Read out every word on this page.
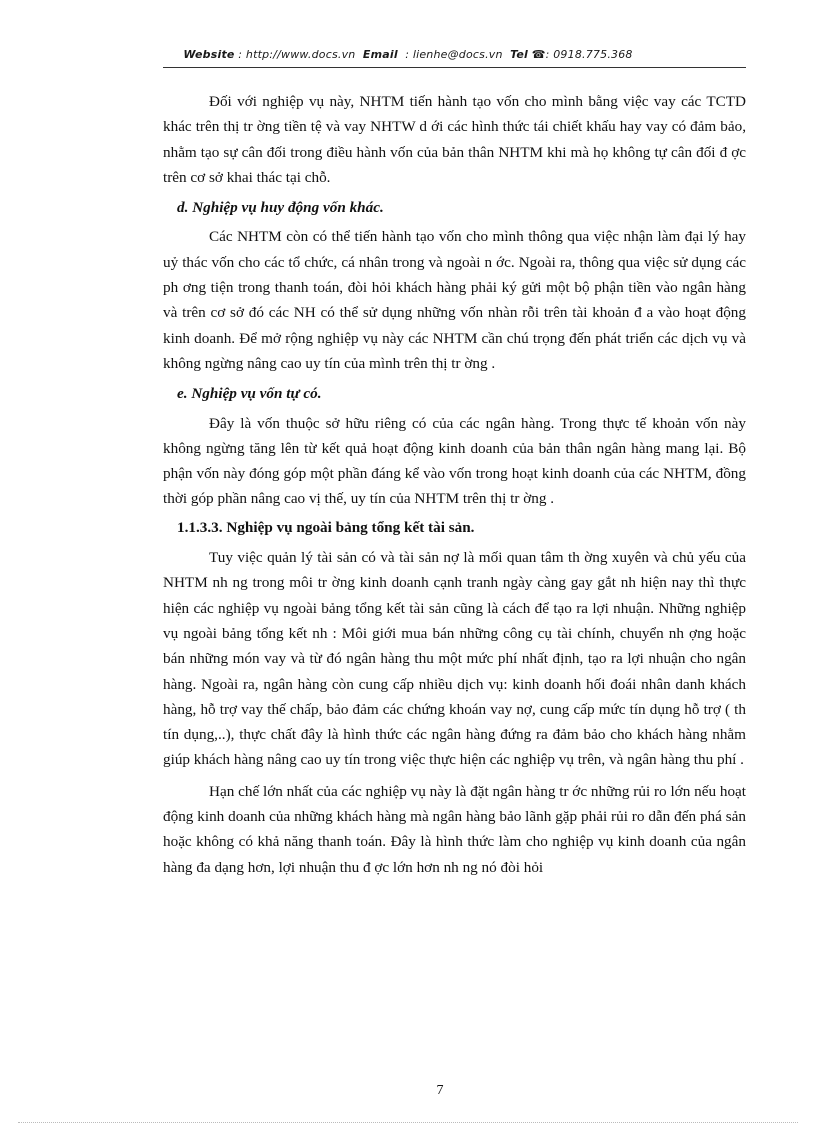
Website : http://www.docs.vn Email : lienhe@docs.vn Tel ☎: 0918.775.368

Đối với nghiệp vụ này, NHTM tiến hành tạo vốn cho mình bằng việc vay các TCTD khác trên thị tr ờng tiền tệ và vay NHTW d ới các hình thức tái chiết khấu hay vay có đảm bảo, nhằm tạo sự cân đối trong điều hành vốn của bản thân NHTM khi mà họ không tự cân đối đ ợc trên cơ sở khai thác tại chỗ.

d. Nghiệp vụ huy động vốn khác.

Các NHTM còn có thể tiến hành tạo vốn cho mình thông qua việc nhận làm đại lý hay uỷ thác vốn cho các tổ chức, cá nhân trong và ngoài n ớc. Ngoài ra, thông qua việc sử dụng các ph ơng tiện trong thanh toán, đòi hỏi khách hàng phải ký gửi một bộ phận tiền vào ngân hàng và trên cơ sở đó các NH có thể sử dụng những vốn nhàn rỗi trên tài khoản đ a vào hoạt động kinh doanh. Để mở rộng nghiệp vụ này các NHTM cần chú trọng đến phát triển các dịch vụ và không ngừng nâng cao uy tín của mình trên thị tr ờng .

e. Nghiệp vụ vốn tự có.

Đây là vốn thuộc sở hữu riêng có của các ngân hàng. Trong thực tế khoản vốn này không ngừng tăng lên từ kết quả hoạt động kinh doanh của bản thân ngân hàng mang lại. Bộ phận vốn này đóng góp một phần đáng kể vào vốn trong hoạt kinh doanh của các NHTM, đồng thời góp phần nâng cao vị thế, uy tín của NHTM trên thị tr ờng .

1.1.3.3. Nghiệp vụ ngoài bảng tổng kết tài sản.

Tuy việc quản lý tài sản có và tài sản nợ là mối quan tâm th ờng xuyên và chủ yếu của NHTM nh ng trong môi tr ờng kinh doanh cạnh tranh ngày càng gay gắt nh hiện nay thì thực hiện các nghiệp vụ ngoài bảng tổng kết tài sản cũng là cách để tạo ra lợi nhuận. Những nghiệp vụ ngoài bảng tổng kết nh : Môi giới mua bán những công cụ tài chính, chuyển nh ợng hoặc bán những món vay và từ đó ngân hàng thu một mức phí nhất định, tạo ra lợi nhuận cho ngân hàng. Ngoài ra, ngân hàng còn cung cấp nhiều dịch vụ: kinh doanh hối đoái nhân danh khách hàng, hỗ trợ vay thế chấp, bảo đảm các chứng khoán vay nợ, cung cấp mức tín dụng hỗ trợ ( th tín dụng,..), thực chất đây là hình thức các ngân hàng đứng ra đảm bảo cho khách hàng nhằm giúp khách hàng nâng cao uy tín trong việc thực hiện các nghiệp vụ trên, và ngân hàng thu phí .

Hạn chế lớn nhất của các nghiệp vụ này là đặt ngân hàng tr ớc những rủi ro lớn nếu hoạt động kinh doanh của những khách hàng mà ngân hàng bảo lãnh gặp phải rủi ro dẫn đến phá sản hoặc không có khả năng thanh toán. Đây là hình thức làm cho nghiệp vụ kinh doanh của ngân hàng đa dạng hơn, lợi nhuận thu đ ợc lớn hơn nh ng nó đòi hỏi

7
